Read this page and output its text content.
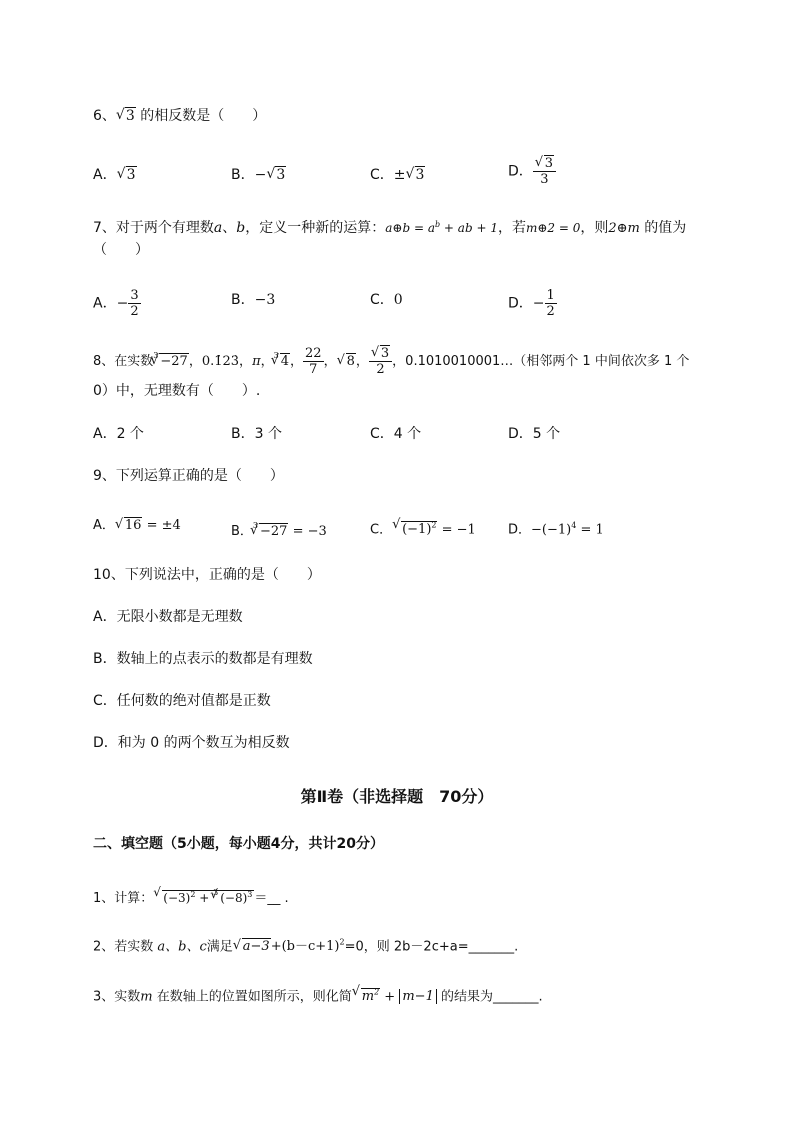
6、√ 3 的相反数是（　　）
A．√ 3	B．−√ 3	C．±√ 3	D．
√ $\frac{3}{3}$
7、对于两个有理数a、b，定义一种新的运算：a⊕b = $a^b$ + ab + 1，若m⊕2 = 0，则2⊕m 的值为
（　　）
A．− $\frac{3}{2}$	B．−3	C．0	D．− $\frac{1}{2}$
8、在实数$^3$√ −27，0.1̇23̇，π，$^3$√ 4， $\frac{22}{7}$ ，√ 8，
√ $\frac{3}{2}$ ，0.1010010001…（相邻两个 1 中间依次多 1 个
0）中，无理数有（　　）.
A．2 个	B．3 个	C．4 个	D．5 个
9、下列运算正确的是（　　）
A．√ 16 = ±4	B．$^3$√ −27 = −3	C．√ $(-1)^2 = -1$ D．$-(-1)^4 = 1$
10、下列说法中，正确的是（　　）
A．无限小数都是无理数
B．数轴上的点表示的数都是有理数
C．任何数的绝对值都是正数
D．和为 0 的两个数互为相反数
第Ⅱ卷（非选择题　70分）
二、填空题（5小题，每小题4分，共计20分）
1、计算：√ $(-3)^2 + ^3√$ $(-8)^3$ ＝__ .
2、若实数 a、b、c满足√ $a-3+(b-c+1)^2=0$，则 2b－2c+a=_______.
3、实数m 在数轴上的位置如图所示，则化简√ $m^2 + m-1$ 的结果为_______.
